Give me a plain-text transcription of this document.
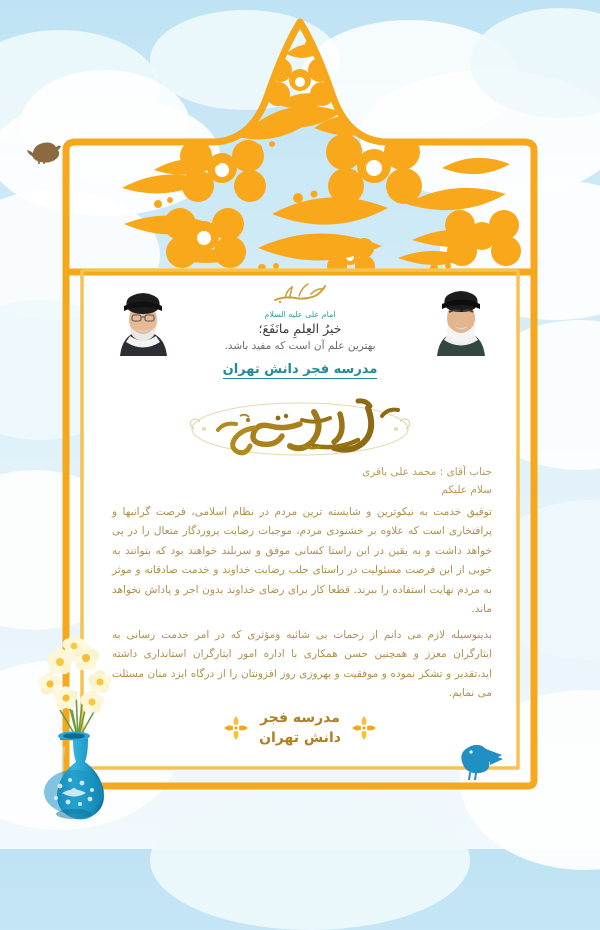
امام علی علیه السلام
خیرُ العِلمِ مانَفَعَ؛
بهترین علم آن است که مفید باشد.
مدرسه فجر دانش تهران
جناب آقای : محمد علی باقری
سلام علیکم
توفیق خدمت به نیکوترین و شایسته ترین مردم در نظام اسلامی، فرصت گرانبها و پرافتخاری است که علاوه بر خشنودی مردم، موجبات رضایت پروردگار متعال را در پی خواهد داشت و به یقین در این راستا کسانی موفق و سربلند خواهند بود که بتوانند به خوبی از این فرصت مسئولیت در راستای جلب رضایت خداوند و خدمت صادقانه و موثر به مردم نهایت استفاده را ببرند. قطعا کار برای رضای خداوند بدون اجر و پاداش نخواهد ماند.
بدینوسیله لازم می دانم از زحمات بی شائبه ومؤثری که در امر خدمت رسانی به ایثارگران معزز و همچنین حسن همکاری با اداره امور ایثارگران استانداری داشته اید،تقدیر و تشکر نموده و موفقیت و بهروزی روز افزونتان را از درگاه ایزد منان مسئلت می نمایم.
مدرسه فجر
دانش تهران
